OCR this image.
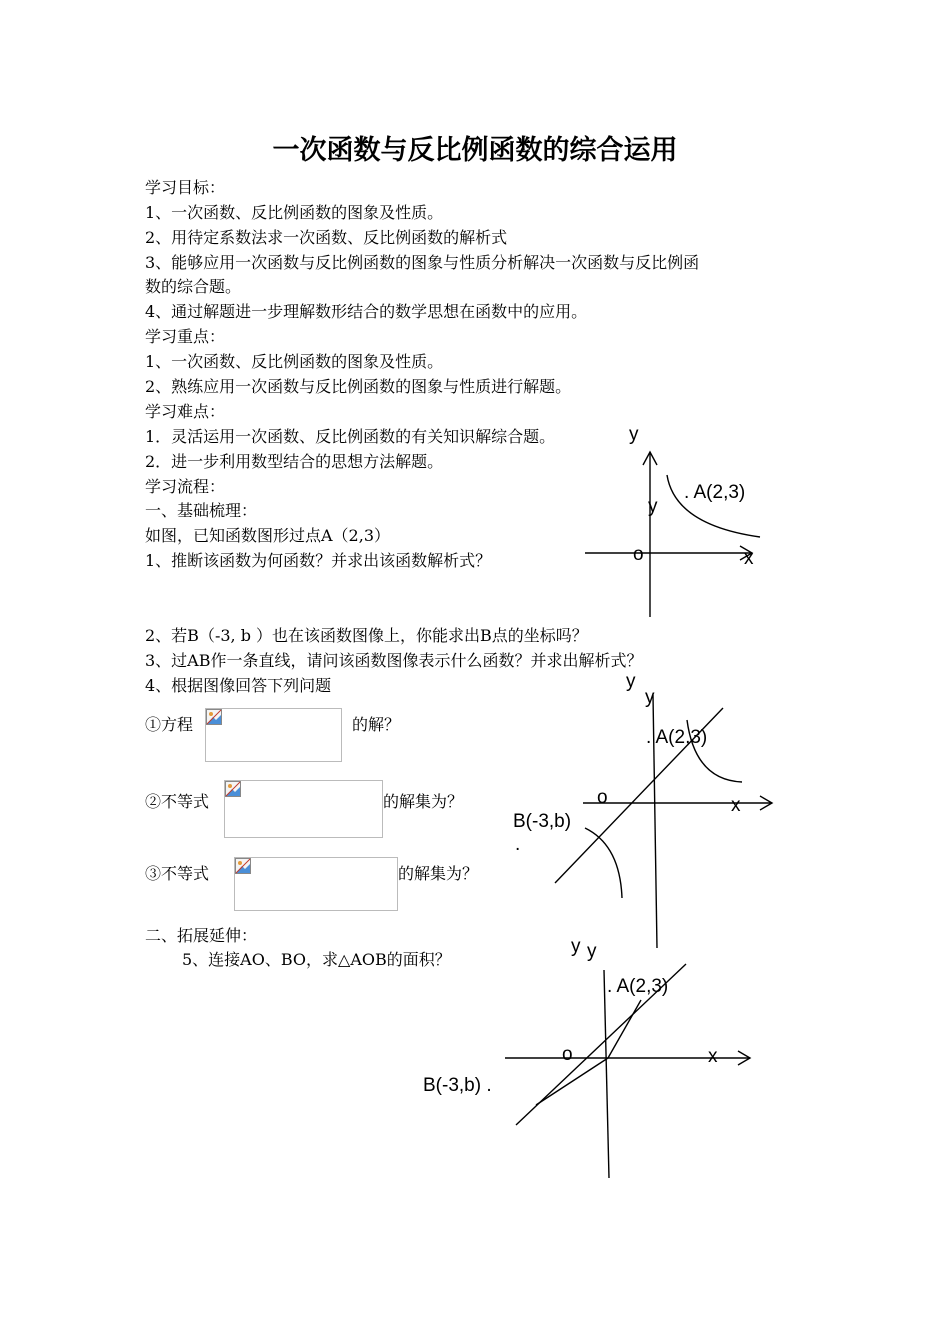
一次函数与反比例函数的综合运用
学习目标：
1、一次函数、反比例函数的图象及性质。
2、用待定系数法求一次函数、反比例函数的解析式
3、能够应用一次函数与反比例函数的图象与性质分析解决一次函数与反比例函
数的综合题。
4、通过解题进一步理解数形结合的数学思想在函数中的应用。
学习重点：
1、一次函数、反比例函数的图象及性质。
2、熟练应用一次函数与反比例函数的图象与性质进行解题。
学习难点：
1．灵活运用一次函数、反比例函数的有关知识解综合题。
2．进一步利用数型结合的思想方法解题。
学习流程：
一、基础梳理：
如图，已知函数图形过点A（2,3）
1、推断该函数为何函数？并求出该函数解析式？
2、若B（-3, b ）也在该函数图像上，你能求出B点的坐标吗？
3、过AB作一条直线，请问该函数图像表示什么函数？并求出解析式？
4、根据图像回答下列问题
①方程	的解？
②不等式	的解集为？
③不等式	的解集为？
二、拓展延伸：
5、连接AO、BO，求△AOB的面积？
y
y
. A(2,3)
o	x
y
y
. A(2,3)
o	x
B(-3,b)
.
y y
. A(2,3)
o	x
B(-3,b) .
